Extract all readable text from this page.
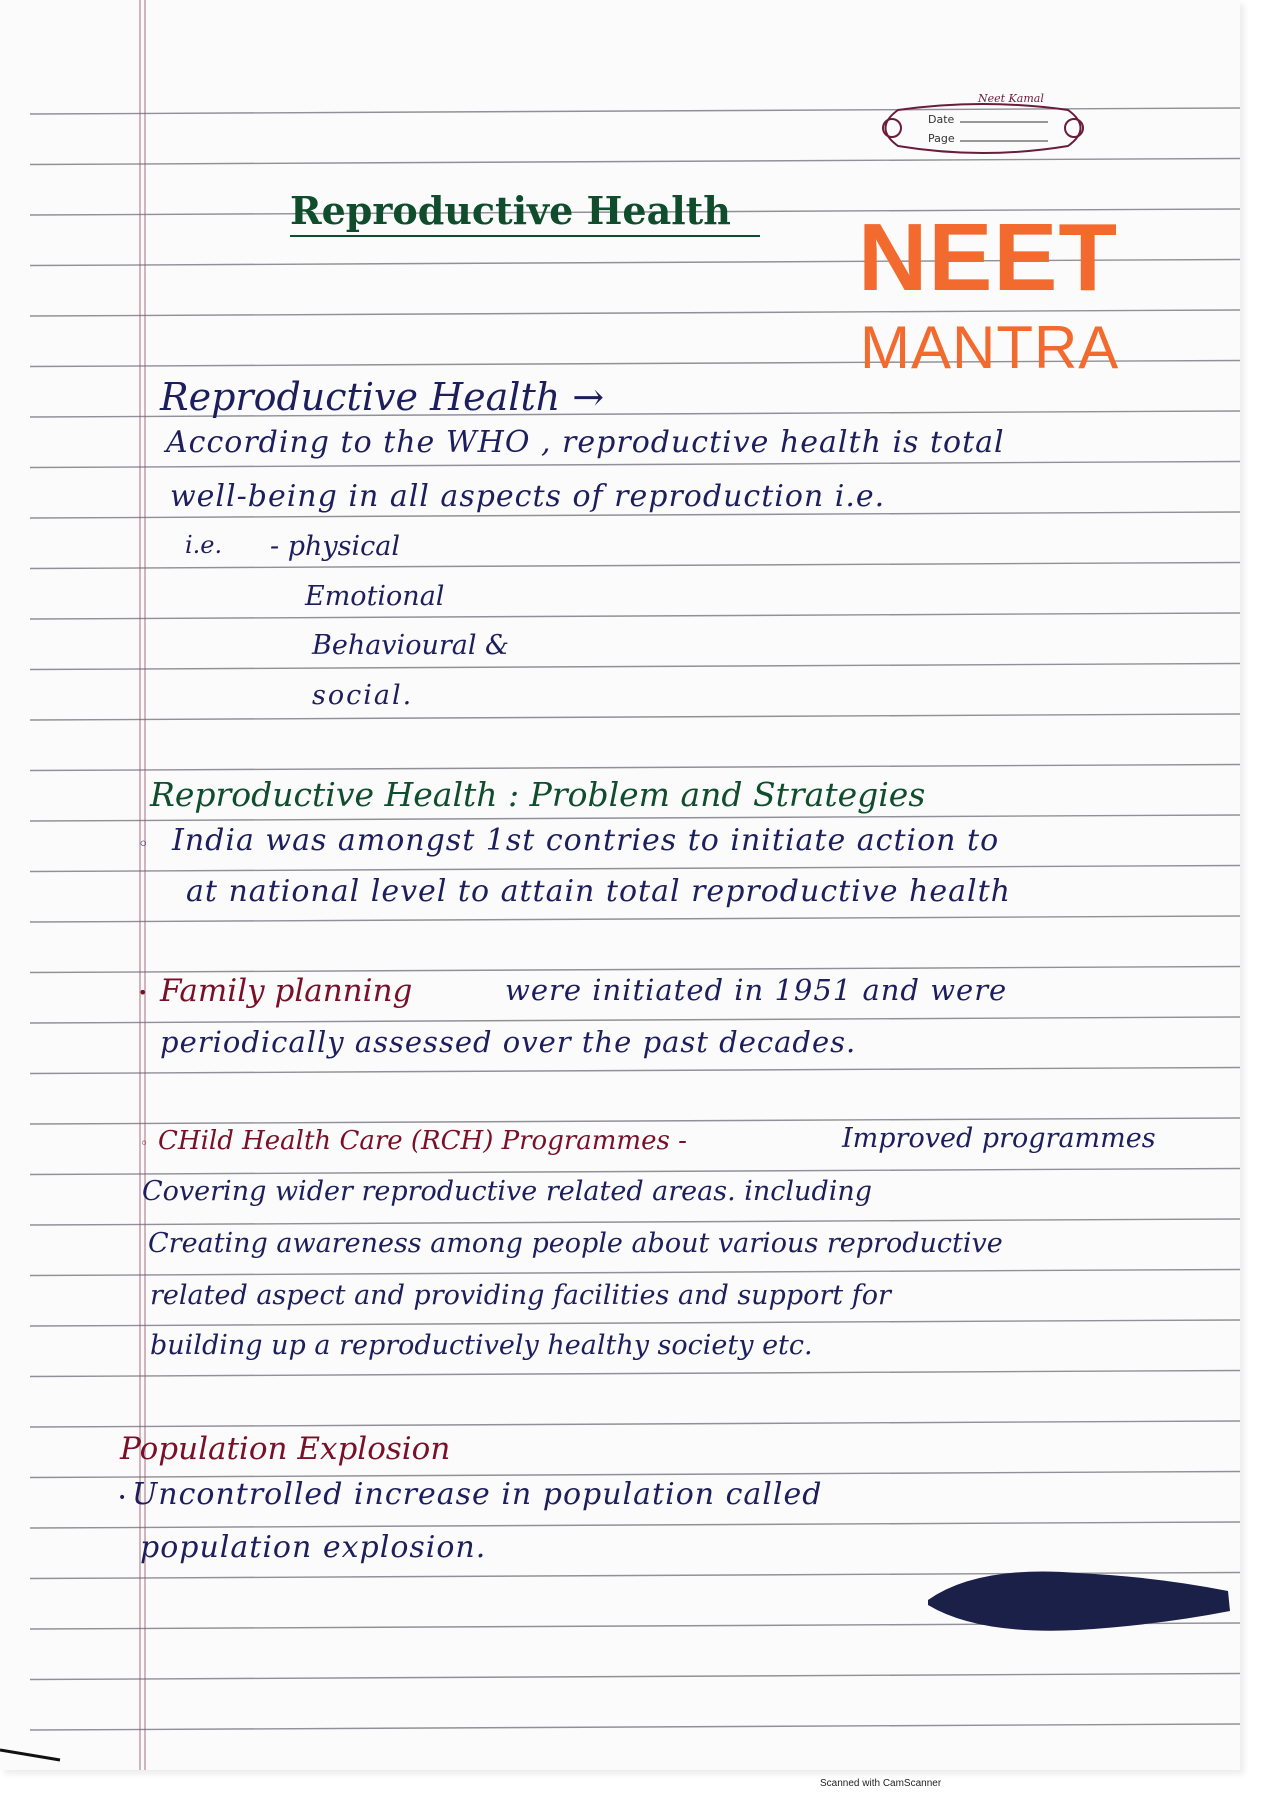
Neet Kamal
Date
Page
NEET
MANTRA
Reproductive Health
Reproductive Health →
According to the WHO , reproductive health is total
well-being in all aspects of reproduction i.e.
i.e. - physical
Emotional
Behavioural &
social.
Reproductive Health : Problem and Strategies
◦ India was amongst 1st contries to initiate action to
at national level to attain total reproductive health
• Family planning	were initiated in 1951 and were
periodically assessed over the past decades.
◦ CHild Health Care (RCH) Programmes -	Improved programmes
Covering wider reproductive related areas. including
Creating awareness among people about various reproductive
related aspect and providing facilities and support for
building up a reproductively healthy society etc.
Population Explosion
• Uncontrolled increase in population called
population explosion.
Scanned with CamScanner
